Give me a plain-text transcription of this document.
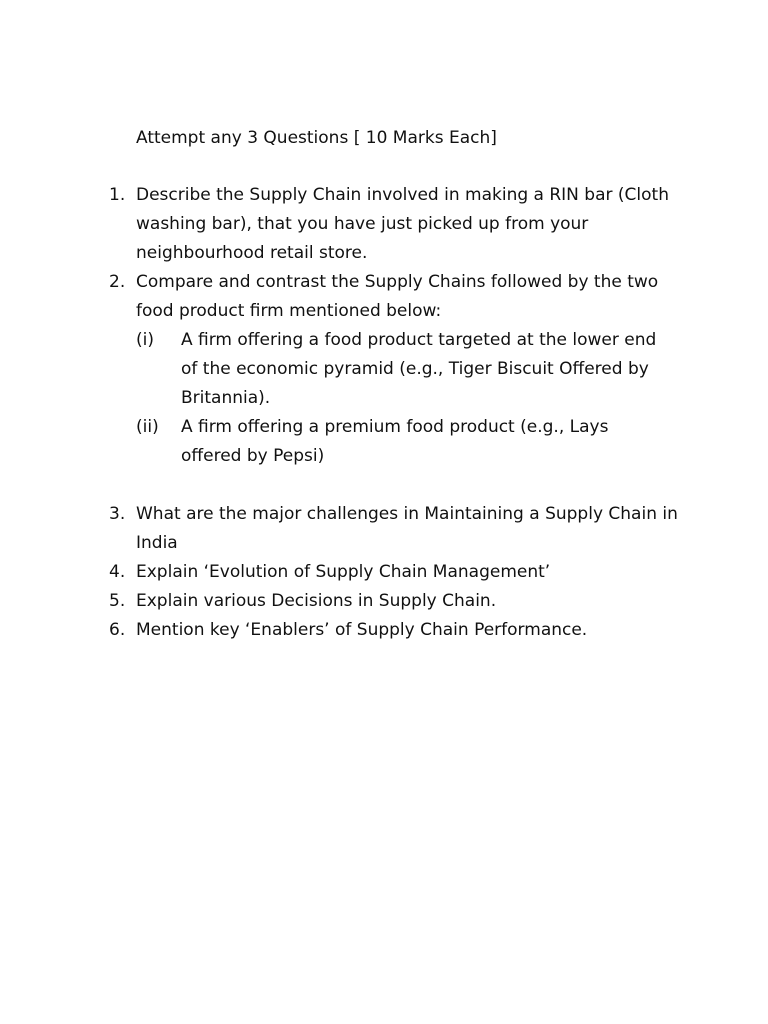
Attempt any 3 Questions [ 10 Marks Each]

1. Describe the Supply Chain involved in making a RIN bar (Cloth washing bar), that you have just picked up from your neighbourhood retail store.
2. Compare and contrast the Supply Chains followed by the two food product firm mentioned below:
(i) A firm offering a food product targeted at the lower end of the economic pyramid (e.g., Tiger Biscuit Offered by Britannia).
(ii) A firm offering a premium food product (e.g., Lays offered by Pepsi)
3. What are the major challenges in Maintaining a Supply Chain in India
4. Explain ‘Evolution of Supply Chain Management’
5. Explain various Decisions in Supply Chain.
6. Mention key ‘Enablers’ of Supply Chain Performance.
